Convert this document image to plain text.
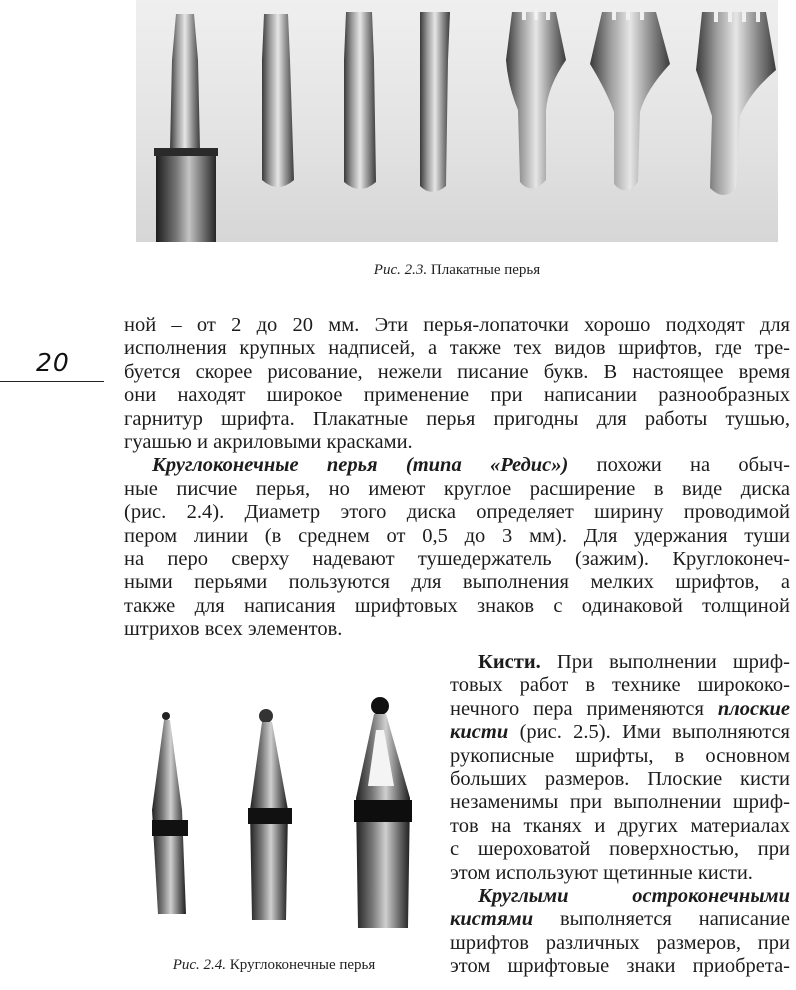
Рис. 2.3. Плакатные перья
20
ной – от 2 до 20 мм. Эти перья-лопаточки хорошо подходят для
исполнения крупных надписей, а также тех видов шрифтов, где тре-
буется скорее рисование, нежели писание букв. В настоящее время
они находят широкое применение при написании разнообразных
гарнитур шрифта. Плакатные перья пригодны для работы тушью,
гуашью и акриловыми красками.
Круглоконечные перья (типа «Редис») похожи на обыч-
ные писчие перья, но имеют круглое расширение в виде диска
(рис. 2.4). Диаметр этого диска определяет ширину проводимой
пером линии (в среднем от 0,5 до 3 мм). Для удержания туши
на перо сверху надевают тушедержатель (зажим). Круглоконеч-
ными перьями пользуются для выполнения мелких шрифтов, а
также для написания шрифтовых знаков с одинаковой толщиной
штрихов всех элементов.
Рис. 2.4. Круглоконечные перья
Кисти. При выполнении шриф-
товых работ в технике ширококо-
нечного пера применяются плоские
кисти (рис. 2.5). Ими выполняются
рукописные шрифты, в основном
больших размеров. Плоские кисти
незаменимы при выполнении шриф-
тов на тканях и других материалах
с шероховатой поверхностью, при
этом используют щетинные кисти.
Круглыми остроконечными
кистями выполняется написание
шрифтов различных размеров, при
этом шрифтовые знаки приобрета-
